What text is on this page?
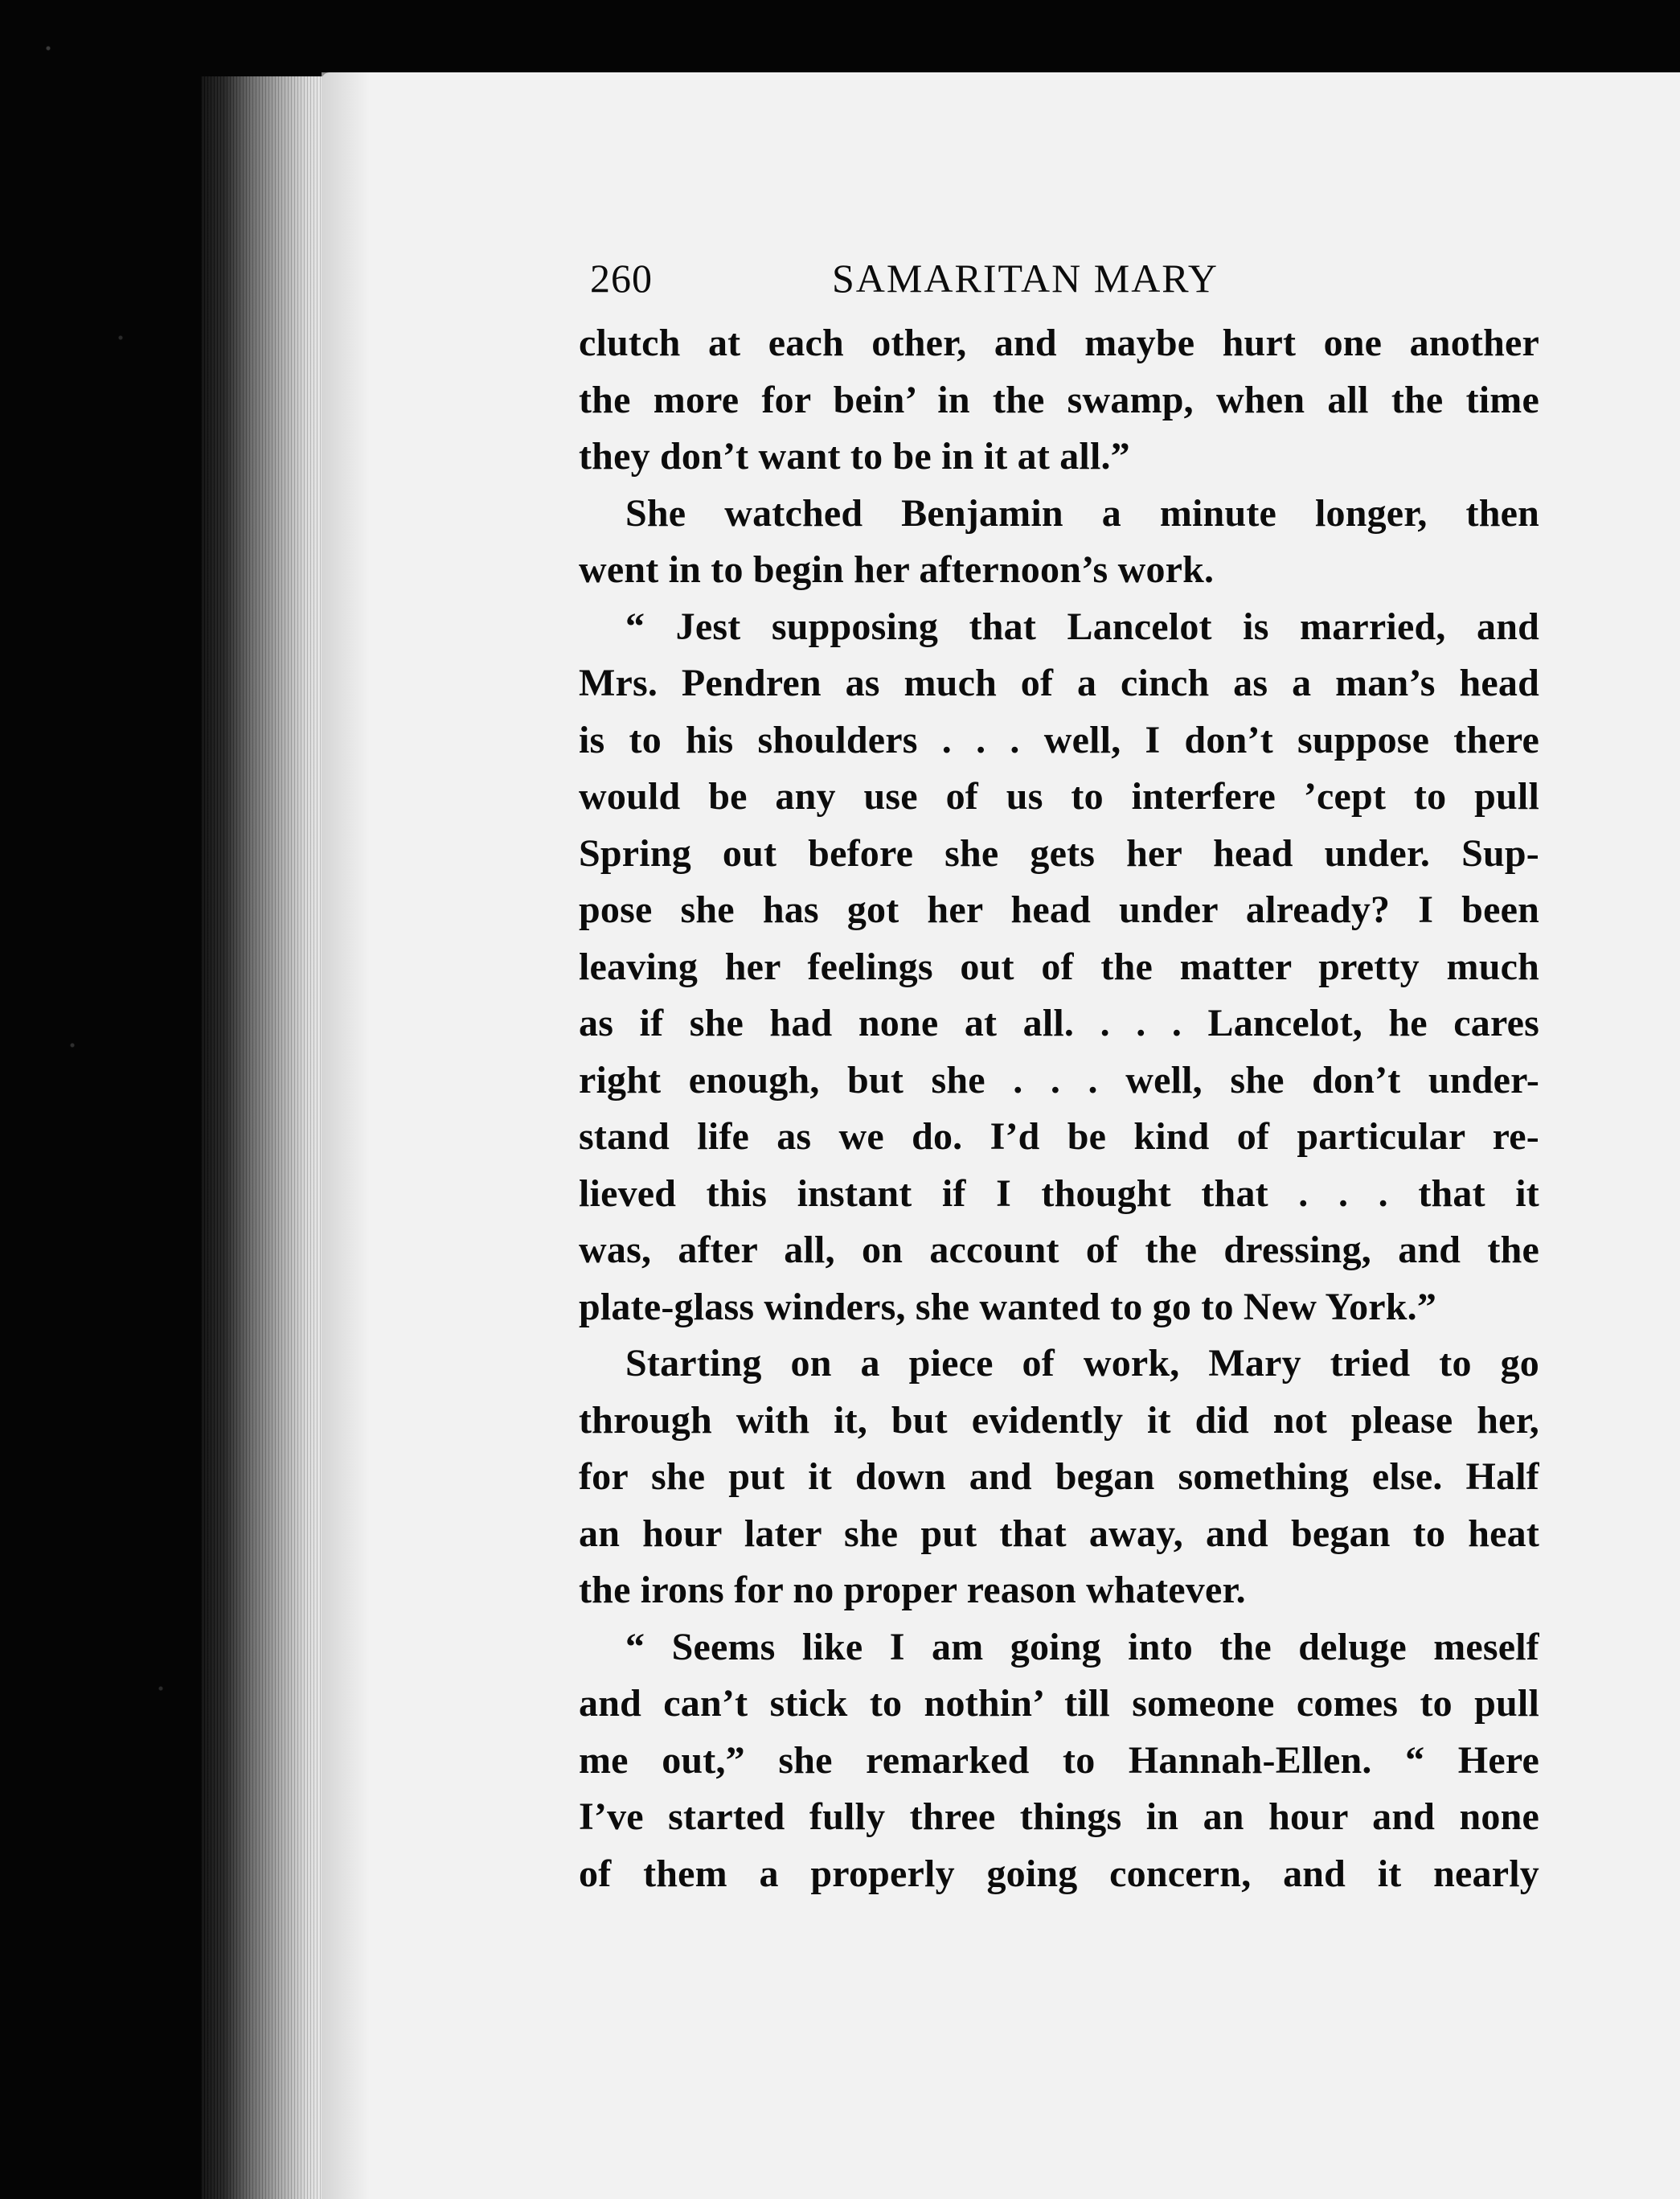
260	SAMARITAN MARY
clutch at each other, and maybe hurt one another
the more for bein’ in the swamp, when all the time
they don’t want to be in it at all.”
She watched Benjamin a minute longer, then
went in to begin her afternoon’s work.
“ Jest supposing that Lancelot is married, and
Mrs. Pendren as much of a cinch as a man’s head
is to his shoulders . . . well, I don’t suppose there
would be any use of us to interfere ’cept to pull
Spring out before she gets her head under. Sup-
pose she has got her head under already? I been
leaving her feelings out of the matter pretty much
as if she had none at all. . . . Lancelot, he cares
right enough, but she . . . well, she don’t under-
stand life as we do. I’d be kind of particular re-
lieved this instant if I thought that . . . that it
was, after all, on account of the dressing, and the
plate-glass winders, she wanted to go to New York.”
Starting on a piece of work, Mary tried to go
through with it, but evidently it did not please her,
for she put it down and began something else. Half
an hour later she put that away, and began to heat
the irons for no proper reason whatever.
“ Seems like I am going into the deluge meself
and can’t stick to nothin’ till someone comes to pull
me out,” she remarked to Hannah-Ellen. “ Here
I’ve started fully three things in an hour and none
of them a properly going concern, and it nearly
